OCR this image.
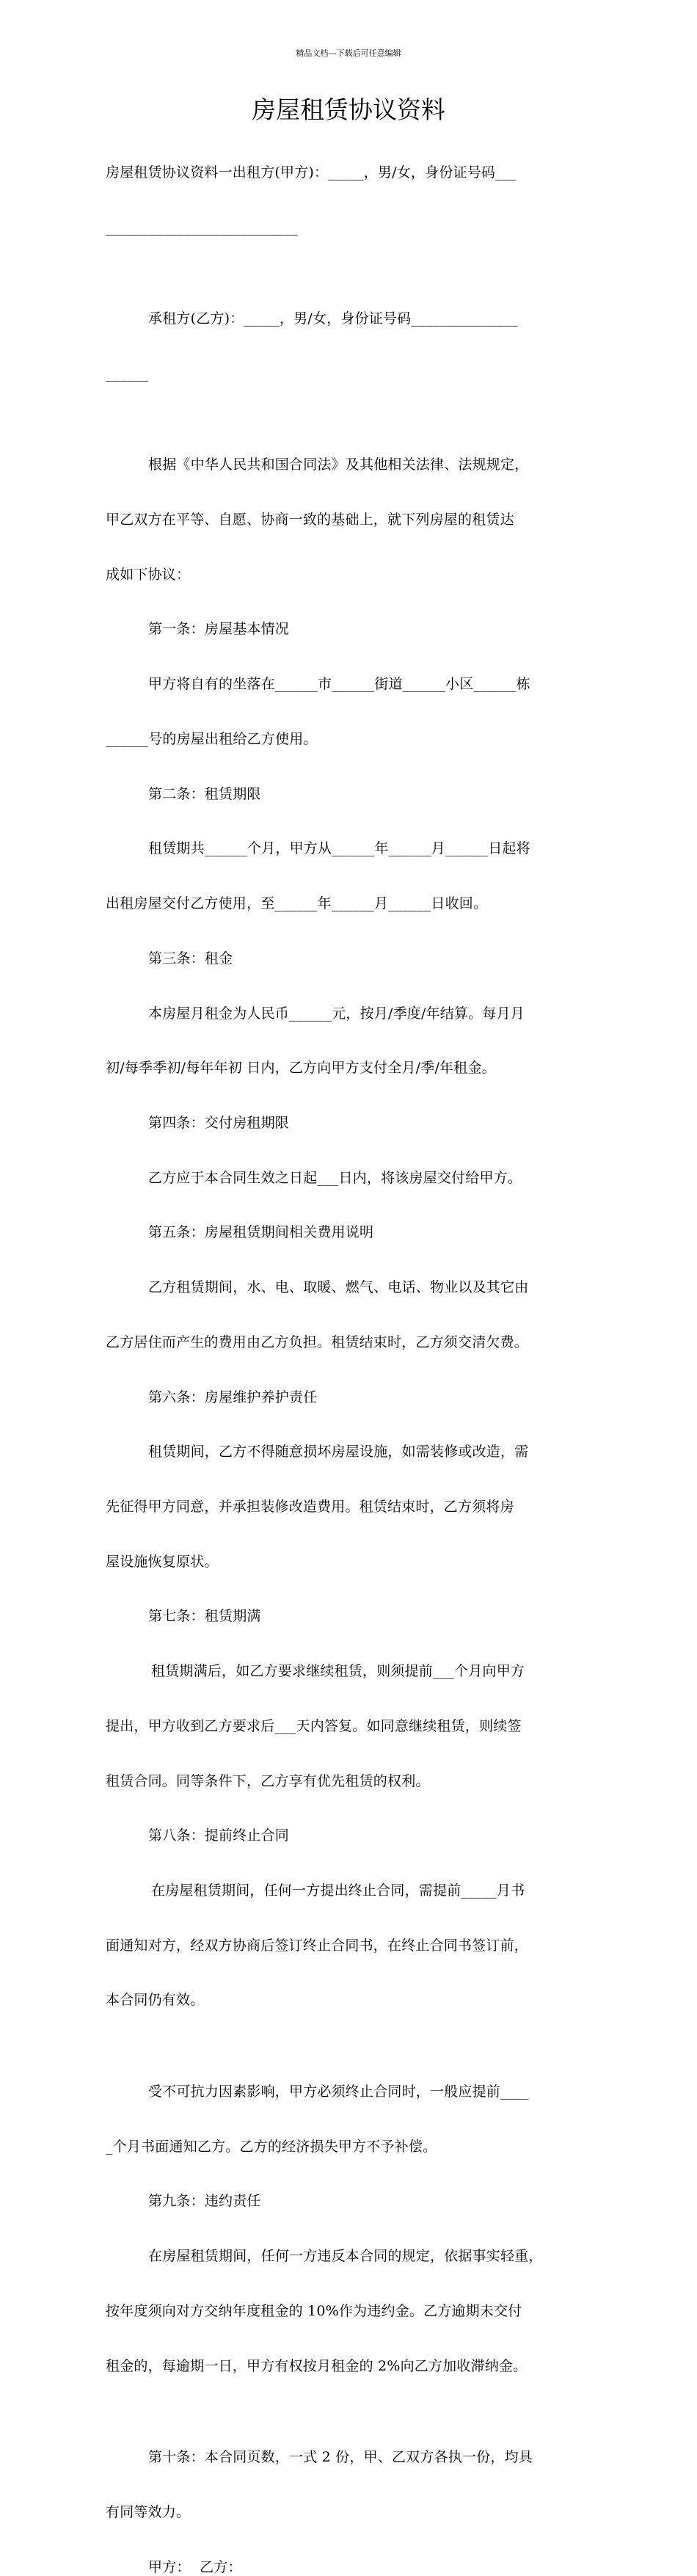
精品文档---下载后可任意编辑
房屋租赁协议资料

房屋租赁协议资料一出租方(甲方)：_____，男/女，身份证号码___

___________________________

承租方(乙方)：_____，男/女，身份证号码_______________

______

根据《中华人民共和国合同法》及其他相关法律、法规规定，

甲乙双方在平等、自愿、协商一致的基础上，就下列房屋的租赁达

成如下协议：

第一条：房屋基本情况

甲方将自有的坐落在______市______街道______小区______栋

______号的房屋出租给乙方使用。

第二条：租赁期限

租赁期共______个月，甲方从______年______月______日起将

出租房屋交付乙方使用，至______年______月______日收回。

第三条：租金

本房屋月租金为人民币______元，按月/季度/年结算。每月月

初/每季季初/每年年初 日内，乙方向甲方支付全月/季/年租金。

第四条：交付房租期限

乙方应于本合同生效之日起___日内，将该房屋交付给甲方。

第五条：房屋租赁期间相关费用说明

乙方租赁期间，水、电、取暖、燃气、电话、物业以及其它由

乙方居住而产生的费用由乙方负担。租赁结束时，乙方须交清欠费。

第六条：房屋维护养护责任

租赁期间，乙方不得随意损坏房屋设施，如需装修或改造，需

先征得甲方同意，并承担装修改造费用。租赁结束时，乙方须将房

屋设施恢复原状。

第七条：租赁期满

租赁期满后，如乙方要求继续租赁，则须提前___个月向甲方

提出，甲方收到乙方要求后___天内答复。如同意继续租赁，则续签

租赁合同。同等条件下，乙方享有优先租赁的权利。

第八条：提前终止合同

在房屋租赁期间，任何一方提出终止合同，需提前_____月书

面通知对方，经双方协商后签订终止合同书，在终止合同书签订前，

本合同仍有效。

受不可抗力因素影响，甲方必须终止合同时，一般应提前____

_个月书面通知乙方。乙方的经济损失甲方不予补偿。

第九条：违约责任

在房屋租赁期间，任何一方违反本合同的规定，依据事实轻重，

按年度须向对方交纳年度租金的 10%作为违约金。乙方逾期未交付

租金的，每逾期一日，甲方有权按月租金的 2%向乙方加收滞纳金。

第十条：本合同页数，一式 2 份，甲、乙双方各执一份，均具

有同等效力。

甲方：  乙方：
